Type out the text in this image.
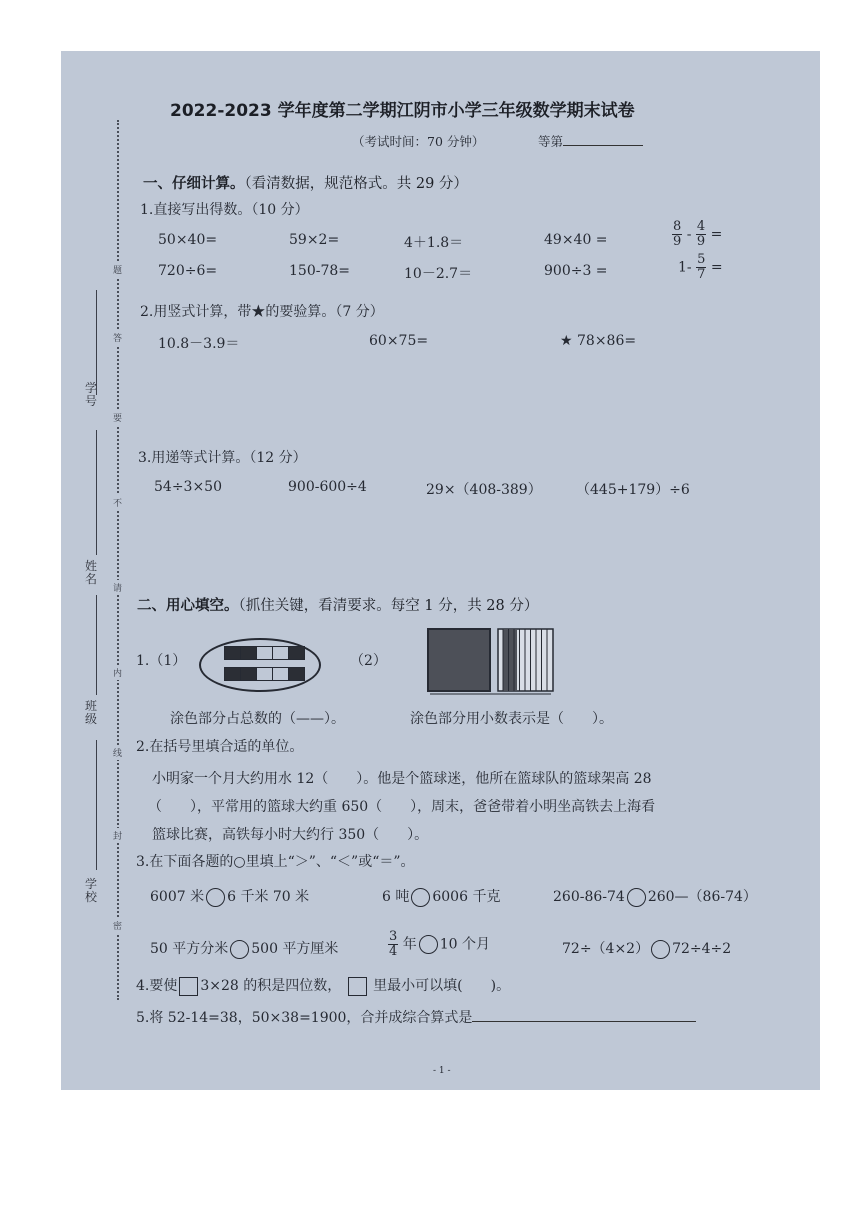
学号
姓名
班级
学校
题
答
要
不
请
内
线
封
密
2022-2023 学年度第二学期江阴市小学三年级数学期末试卷
（考试时间：70 分钟）	等第
一、仔细计算。（看清数据，规范格式。共 29 分）
1.直接写出得数。（10 分）
50×40=	59×2=	4＋1.8＝	49×40 =	$\frac{8}{9} - \frac{4}{9}$ =
720÷6=	150-78=	10－2.7＝	900÷3 =	$1- \frac{5}{7}$ =
2.用竖式计算，带★的要验算。（7 分）
10.8－3.9＝	60×75=	★ 78×86=
3.用递等式计算。（12 分）
54÷3×50	900-600÷4	29×（408-389） （445+179）÷6
二、用心填空。（抓住关键，看清要求。每空 1 分，共 28 分）
1.（1）	（2）
涂色部分占总数的（——）。	涂色部分用小数表示是（　　）。
2.在括号里填合适的单位。
小明家一个月大约用水 12（　　）。他是个篮球迷，他所在篮球队的篮球架高 28
（　　），平常用的篮球大约重 650（　　），周末，爸爸带着小明坐高铁去上海看
篮球比赛，高铁每小时大约行 350（　　）。
3.在下面各题的○里填上“＞”、“＜”或“＝”。
6007 米 6 千米 70 米	6 吨 6006 千克	260-86-74 260—（86-74）
50 平方分米 500 平方厘米	$\frac{3}{4}$ 年 10 个月	72÷（4×2） 72÷4÷2
4.要使 3×28 的积是四位数， 里最小可以填(　　)。
5.将 52-14=38，50×38=1900，合并成综合算式是
- 1 -
